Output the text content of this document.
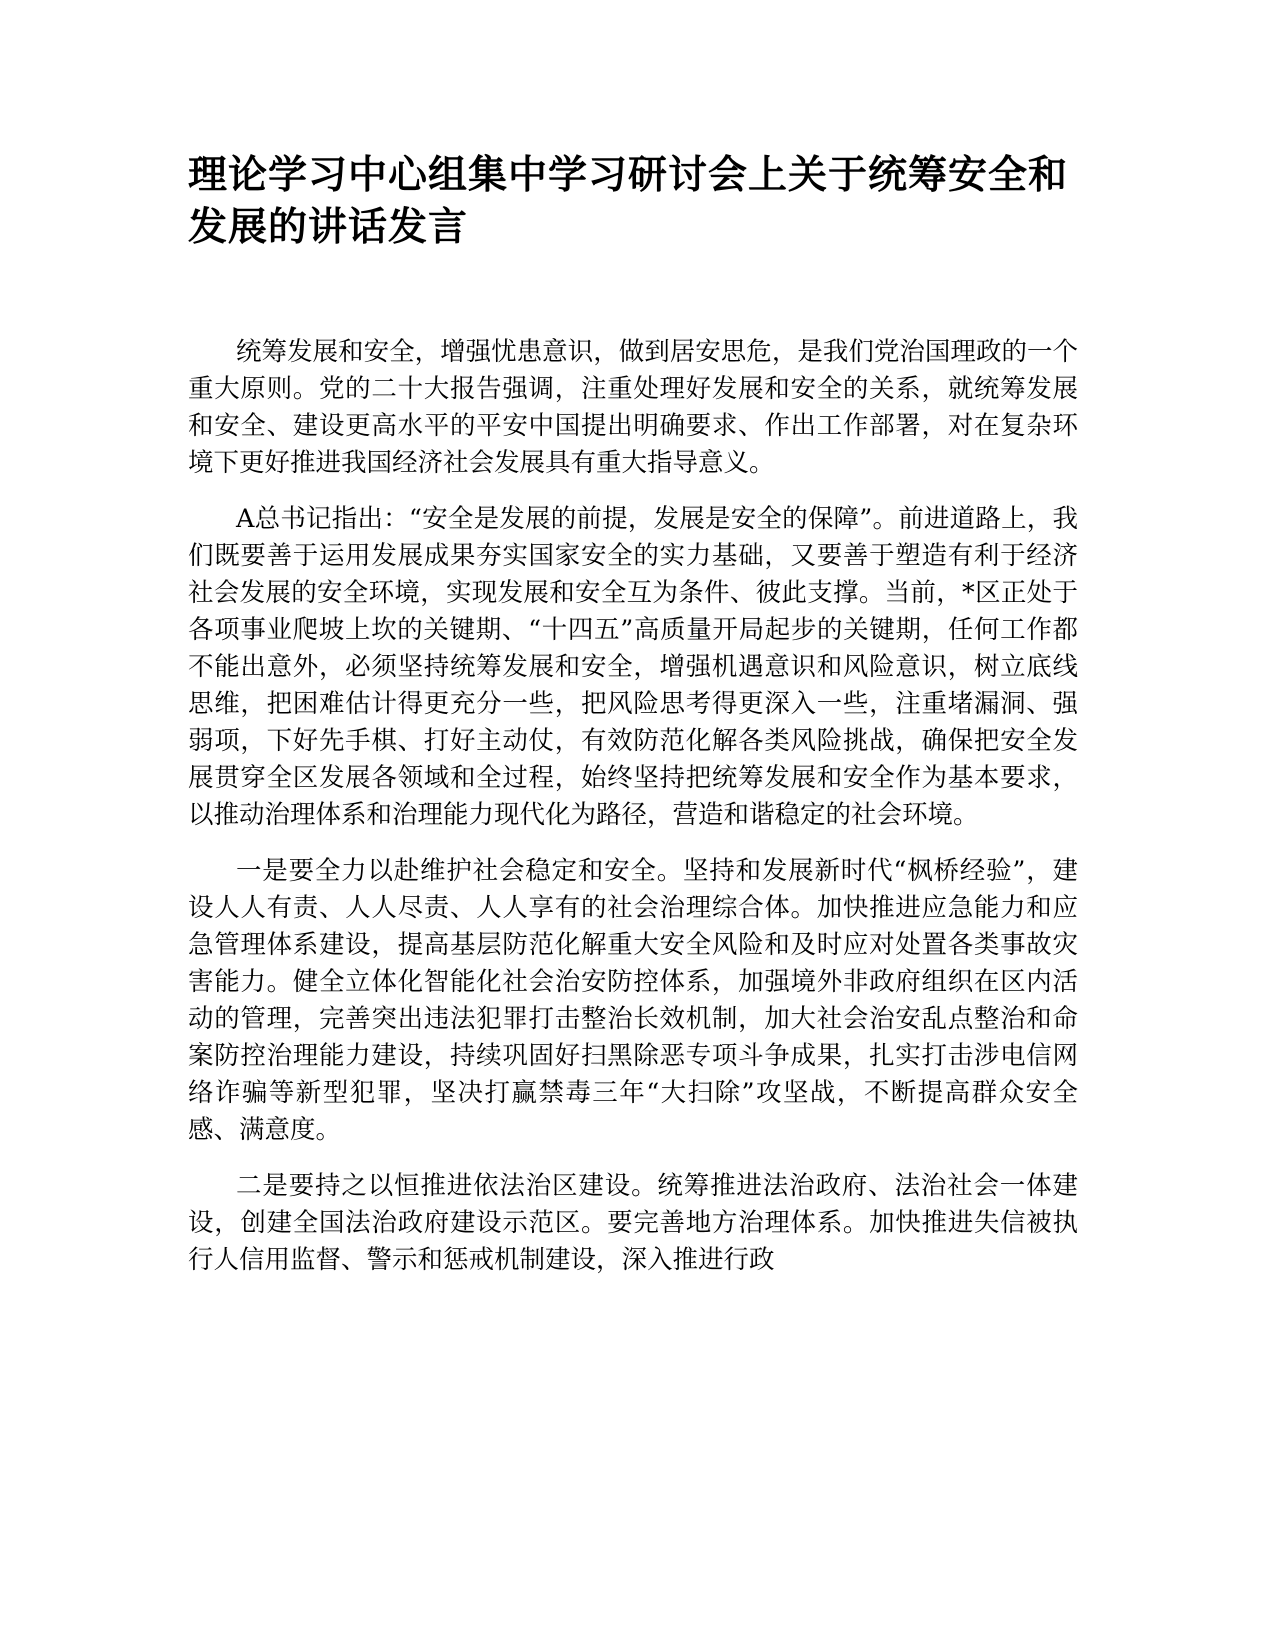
理论学习中心组集中学习研讨会上关于统筹安全和发展的讲话发言

统筹发展和安全，增强忧患意识，做到居安思危，是我们党治国理政的一个重大原则。党的二十大报告强调，注重处理好发展和安全的关系，就统筹发展和安全、建设更高水平的平安中国提出明确要求、作出工作部署，对在复杂环境下更好推进我国经济社会发展具有重大指导意义。

A总书记指出：“安全是发展的前提，发展是安全的保障”。前进道路上，我们既要善于运用发展成果夯实国家安全的实力基础，又要善于塑造有利于经济社会发展的安全环境，实现发展和安全互为条件、彼此支撑。当前，*区正处于各项事业爬坡上坎的关键期、“十四五”高质量开局起步的关键期，任何工作都不能出意外，必须坚持统筹发展和安全，增强机遇意识和风险意识，树立底线思维，把困难估计得更充分一些，把风险思考得更深入一些，注重堵漏洞、强弱项，下好先手棋、打好主动仗，有效防范化解各类风险挑战，确保把安全发展贯穿全区发展各领域和全过程，始终坚持把统筹发展和安全作为基本要求，以推动治理体系和治理能力现代化为路径，营造和谐稳定的社会环境。

一是要全力以赴维护社会稳定和安全。坚持和发展新时代“枫桥经验”，建设人人有责、人人尽责、人人享有的社会治理综合体。加快推进应急能力和应急管理体系建设，提高基层防范化解重大安全风险和及时应对处置各类事故灾害能力。健全立体化智能化社会治安防控体系，加强境外非政府组织在区内活动的管理，完善突出违法犯罪打击整治长效机制，加大社会治安乱点整治和命案防控治理能力建设，持续巩固好扫黑除恶专项斗争成果，扎实打击涉电信网络诈骗等新型犯罪，坚决打赢禁毒三年“大扫除”攻坚战，不断提高群众安全感、满意度。

二是要持之以恒推进依法治区建设。统筹推进法治政府、法治社会一体建设，创建全国法治政府建设示范区。要完善地方治理体系。加快推进失信被执行人信用监督、警示和惩戒机制建设，深入推进行政
